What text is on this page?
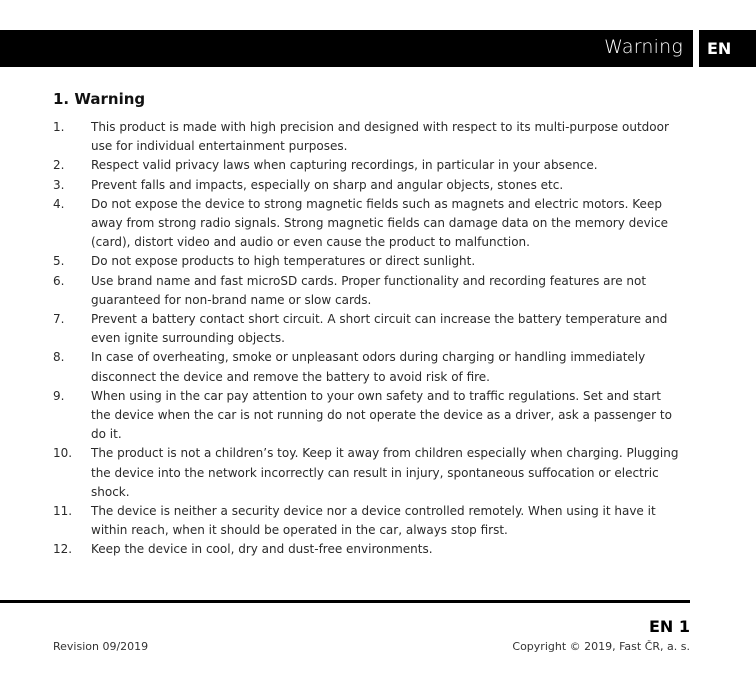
Warning	EN
1. Warning
1.	This product is made with high precision and designed with respect to its multi-purpose outdoor use for individual entertainment purposes.
2.	Respect valid privacy laws when capturing recordings, in particular in your absence.
3.	Prevent falls and impacts, especially on sharp and angular objects, stones etc.
4.	Do not expose the device to strong magnetic fields such as magnets and electric motors. Keep away from strong radio signals. Strong magnetic fields can damage data on the memory device (card), distort video and audio or even cause the product to malfunction.
5.	Do not expose products to high temperatures or direct sunlight.
6.	Use brand name and fast microSD cards. Proper functionality and recording features are not guaranteed for non-brand name or slow cards.
7.	Prevent a battery contact short circuit. A short circuit can increase the battery temperature and even ignite surrounding objects.
8.	In case of overheating, smoke or unpleasant odors during charging or handling immediately disconnect the device and remove the battery to avoid risk of fire.
9.	When using in the car pay attention to your own safety and to traffic regulations. Set and start the device when the car is not running do not operate the device as a driver, ask a passenger to do it.
10.	The product is not a children’s toy. Keep it away from children especially when charging. Plugging the device into the network incorrectly can result in injury, spontaneous suffocation or electric shock.
11.	The device is neither a security device nor a device controlled remotely. When using it have it within reach, when it should be operated in the car, always stop first.
12.	Keep the device in cool, dry and dust-free environments.
EN 1
Revision 09/2019	Copyright © 2019, Fast ČR, a. s.
